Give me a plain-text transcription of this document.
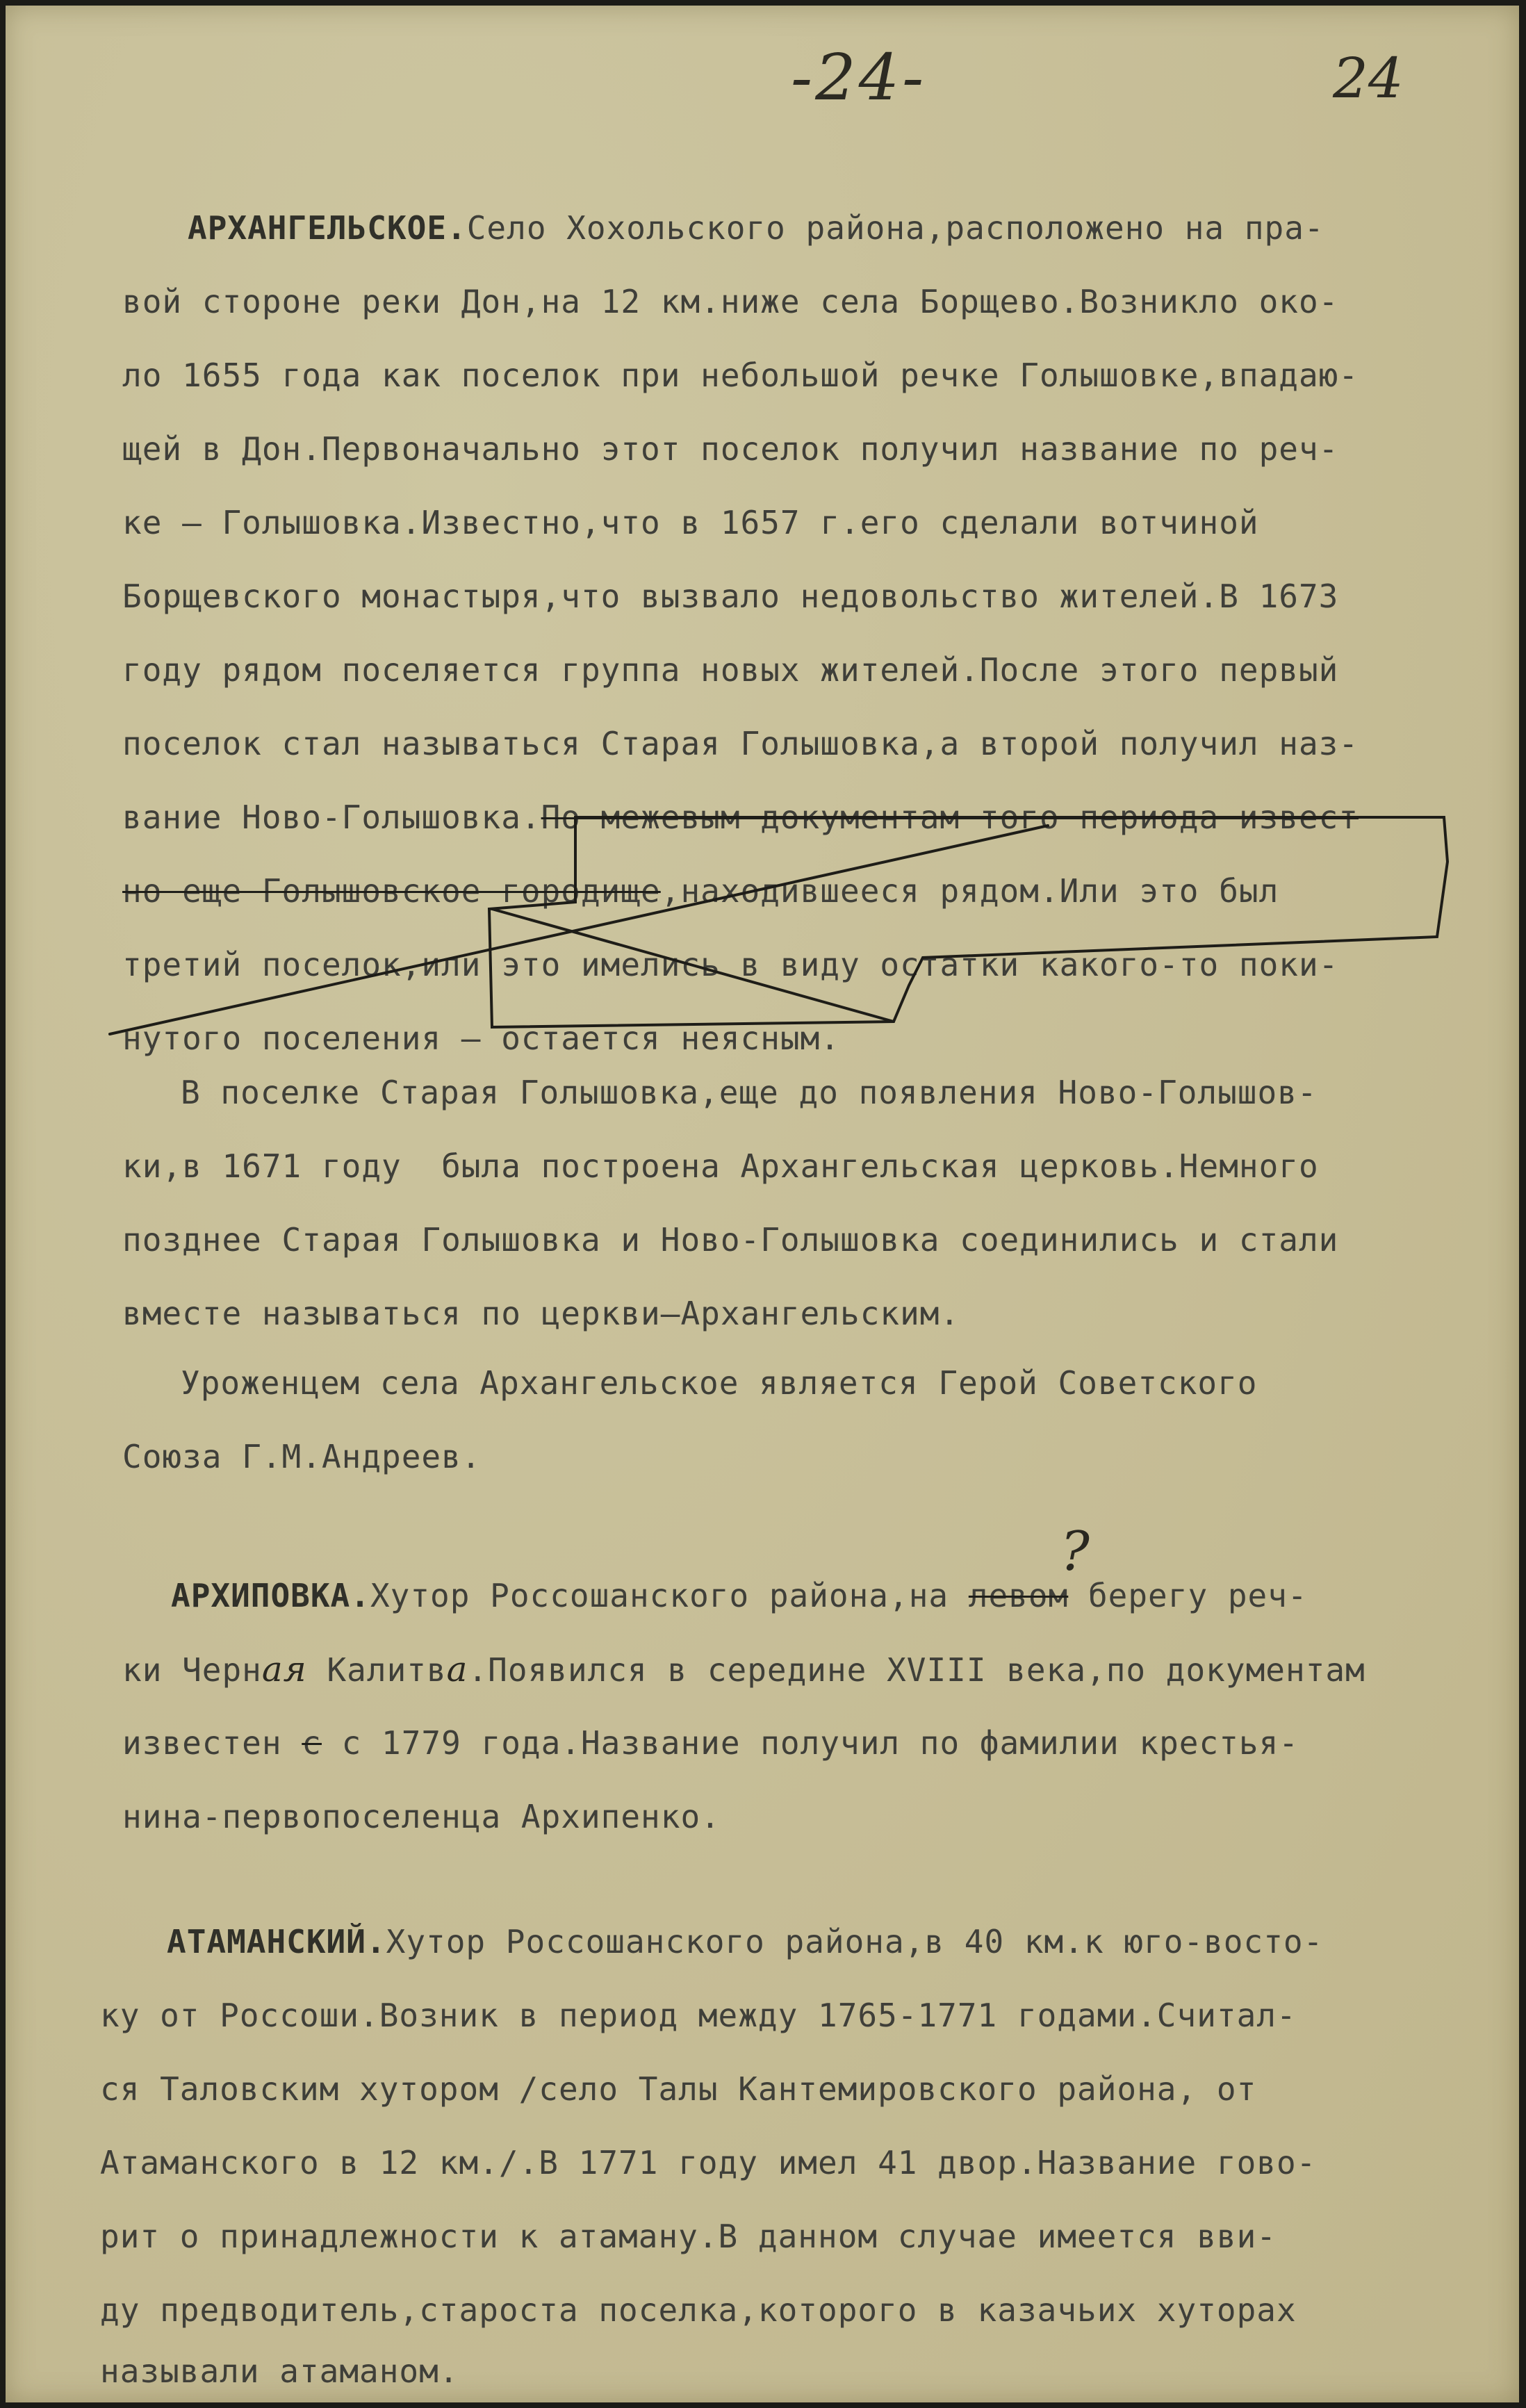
-24-	24

АРХАНГЕЛЬСКОЕ.Село Хохольского района,расположено на пра-

вой стороне реки Дон,на 12 км.ниже села Борщево.Возникло око-

ло 1655 года как поселок при небольшой речке Голышовке,впадаю-

щей в Дон.Первоначально этот поселок получил название по реч-

ке – Голышовка.Известно,что в 1657 г.его сделали вотчиной

Борщевского монастыря,что вызвало недовольство жителей.В 1673

году рядом поселяется группа новых жителей.После этого первый

поселок стал называться Старая Голышовка,а второй получил наз-

вание Ново-Голышовка.По межевым документам того периода извест

но еще Голышовское городище,находившееся рядом.Или это был

третий поселок,или это имелись в виду остатки какого-то поки-

нутого поселения – остается неясным.

В поселке Старая Голышовка,еще до появления Ново-Голышов-

ки,в 1671 году  была построена Архангельская церковь.Немного

позднее Старая Голышовка и Ново-Голышовка соединились и стали

вместе называться по церкви–Архангельским.

Уроженцем села Архангельское является Герой Советского

Союза Г.М.Андреев.

?

АРХИПОВКА.Хутор Россошанского района,на левом берегу реч-

ки Черная Калитва.Появился в середине XVIII века,по документам

известен с с 1779 года.Название получил по фамилии крестья-

нина-первопоселенца Архипенко.

АТАМАНСКИЙ.Хутор Россошанского района,в 40 км.к юго-восто-

ку от Россоши.Возник в период между 1765-1771 годами.Считал-

ся Таловским хутором /село Талы Кантемировского района, от

Атаманского в 12 км./.В 1771 году имел 41 двор.Название гово-

рит о принадлежности к атаману.В данном случае имеется вви-

ду предводитель,староста поселка,которого в казачьих хуторах

называли атаманом.
